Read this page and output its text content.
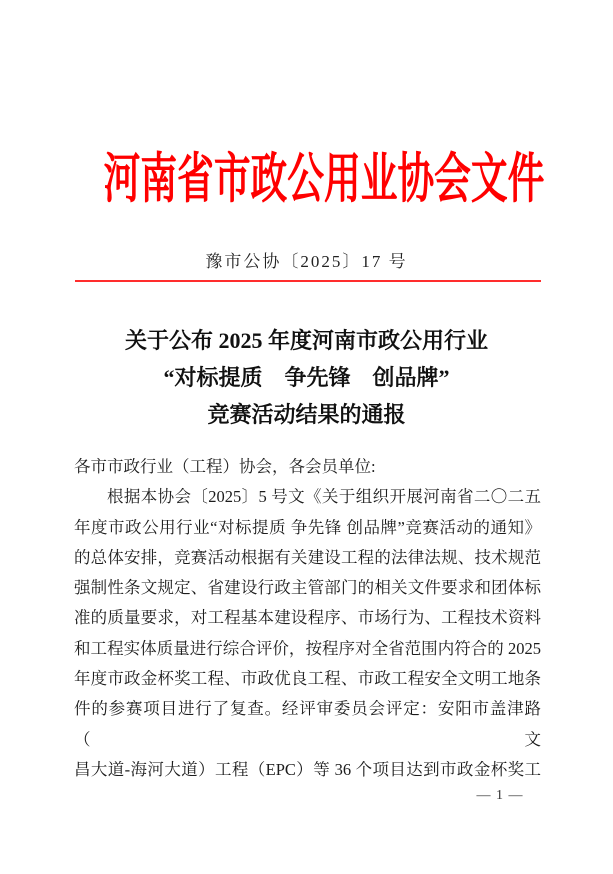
河南省市政公用业协会文件
豫市公协〔2025〕17 号
关于公布 2025 年度河南市政公用行业
“对标提质　争先锋　创品牌”
竞赛活动结果的通报
各市市政行业（工程）协会，各会员单位:
根据本协会〔2025〕5 号文《关于组织开展河南省二〇二五
年度市政公用行业“对标提质 争先锋 创品牌”竞赛活动的通知》
的总体安排，竞赛活动根据有关建设工程的法律法规、技术规范
强制性条文规定、省建设行政主管部门的相关文件要求和团体标
准的质量要求，对工程基本建设程序、市场行为、工程技术资料
和工程实体质量进行综合评价，按程序对全省范围内符合的 2025
年度市政金杯奖工程、市政优良工程、市政工程安全文明工地条
件的参赛项目进行了复查。经评审委员会评定：安阳市盖津路（文
昌大道-海河大道）工程（EPC）等 36 个项目达到市政金杯奖工
— 1 —
